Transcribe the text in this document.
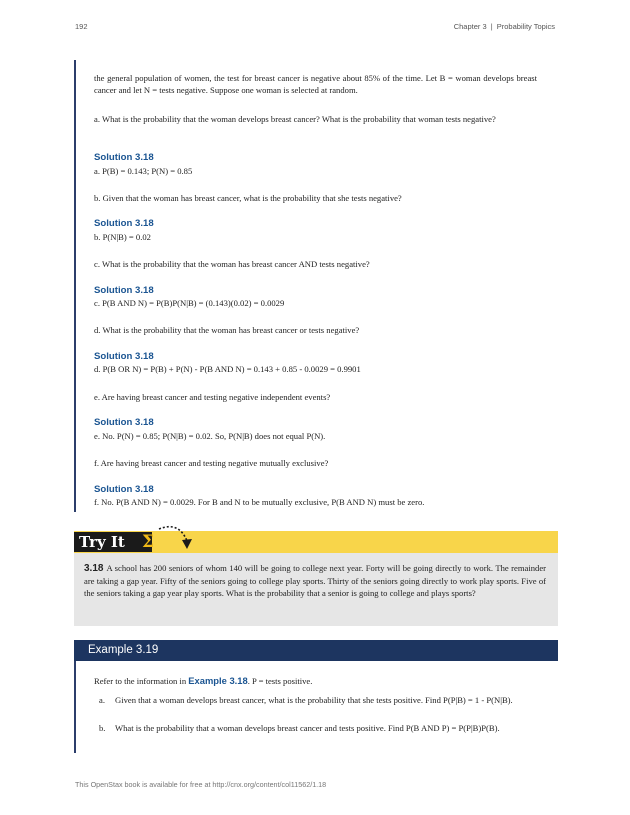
192	Chapter 3 | Probability Topics

the general population of women, the test for breast cancer is negative about 85% of the time. Let B = woman develops breast cancer and let N = tests negative. Suppose one woman is selected at random.

a. What is the probability that the woman develops breast cancer? What is the probability that woman tests negative?

Solution 3.18
a. P(B) = 0.143; P(N) = 0.85

b. Given that the woman has breast cancer, what is the probability that she tests negative?

Solution 3.18
b. P(N|B) = 0.02

c. What is the probability that the woman has breast cancer AND tests negative?

Solution 3.18
c. P(B AND N) = P(B)P(N|B) = (0.143)(0.02) = 0.0029

d. What is the probability that the woman has breast cancer or tests negative?

Solution 3.18
d. P(B OR N) = P(B) + P(N) - P(B AND N) = 0.143 + 0.85 - 0.0029 = 0.9901

e. Are having breast cancer and testing negative independent events?

Solution 3.18
e. No. P(N) = 0.85; P(N|B) = 0.02. So, P(N|B) does not equal P(N).

f. Are having breast cancer and testing negative mutually exclusive?

Solution 3.18
f. No. P(B AND N) = 0.0029. For B and N to be mutually exclusive, P(B AND N) must be zero.
Try It	Σ

3.18 A school has 200 seniors of whom 140 will be going to college next year. Forty will be going directly to work. The remainder are taking a gap year. Fifty of the seniors going to college play sports. Thirty of the seniors going directly to work play sports. Five of the seniors taking a gap year play sports. What is the probability that a senior is going to college and plays sports?

Example 3.19

Refer to the information in Example 3.18. P = tests positive.

a. Given that a woman develops breast cancer, what is the probability that she tests positive. Find P(P|B) = 1 - P(N|B).
b. What is the probability that a woman develops breast cancer and tests positive. Find P(B AND P) = P(P|B)P(B).
This OpenStax book is available for free at http://cnx.org/content/col11562/1.18
